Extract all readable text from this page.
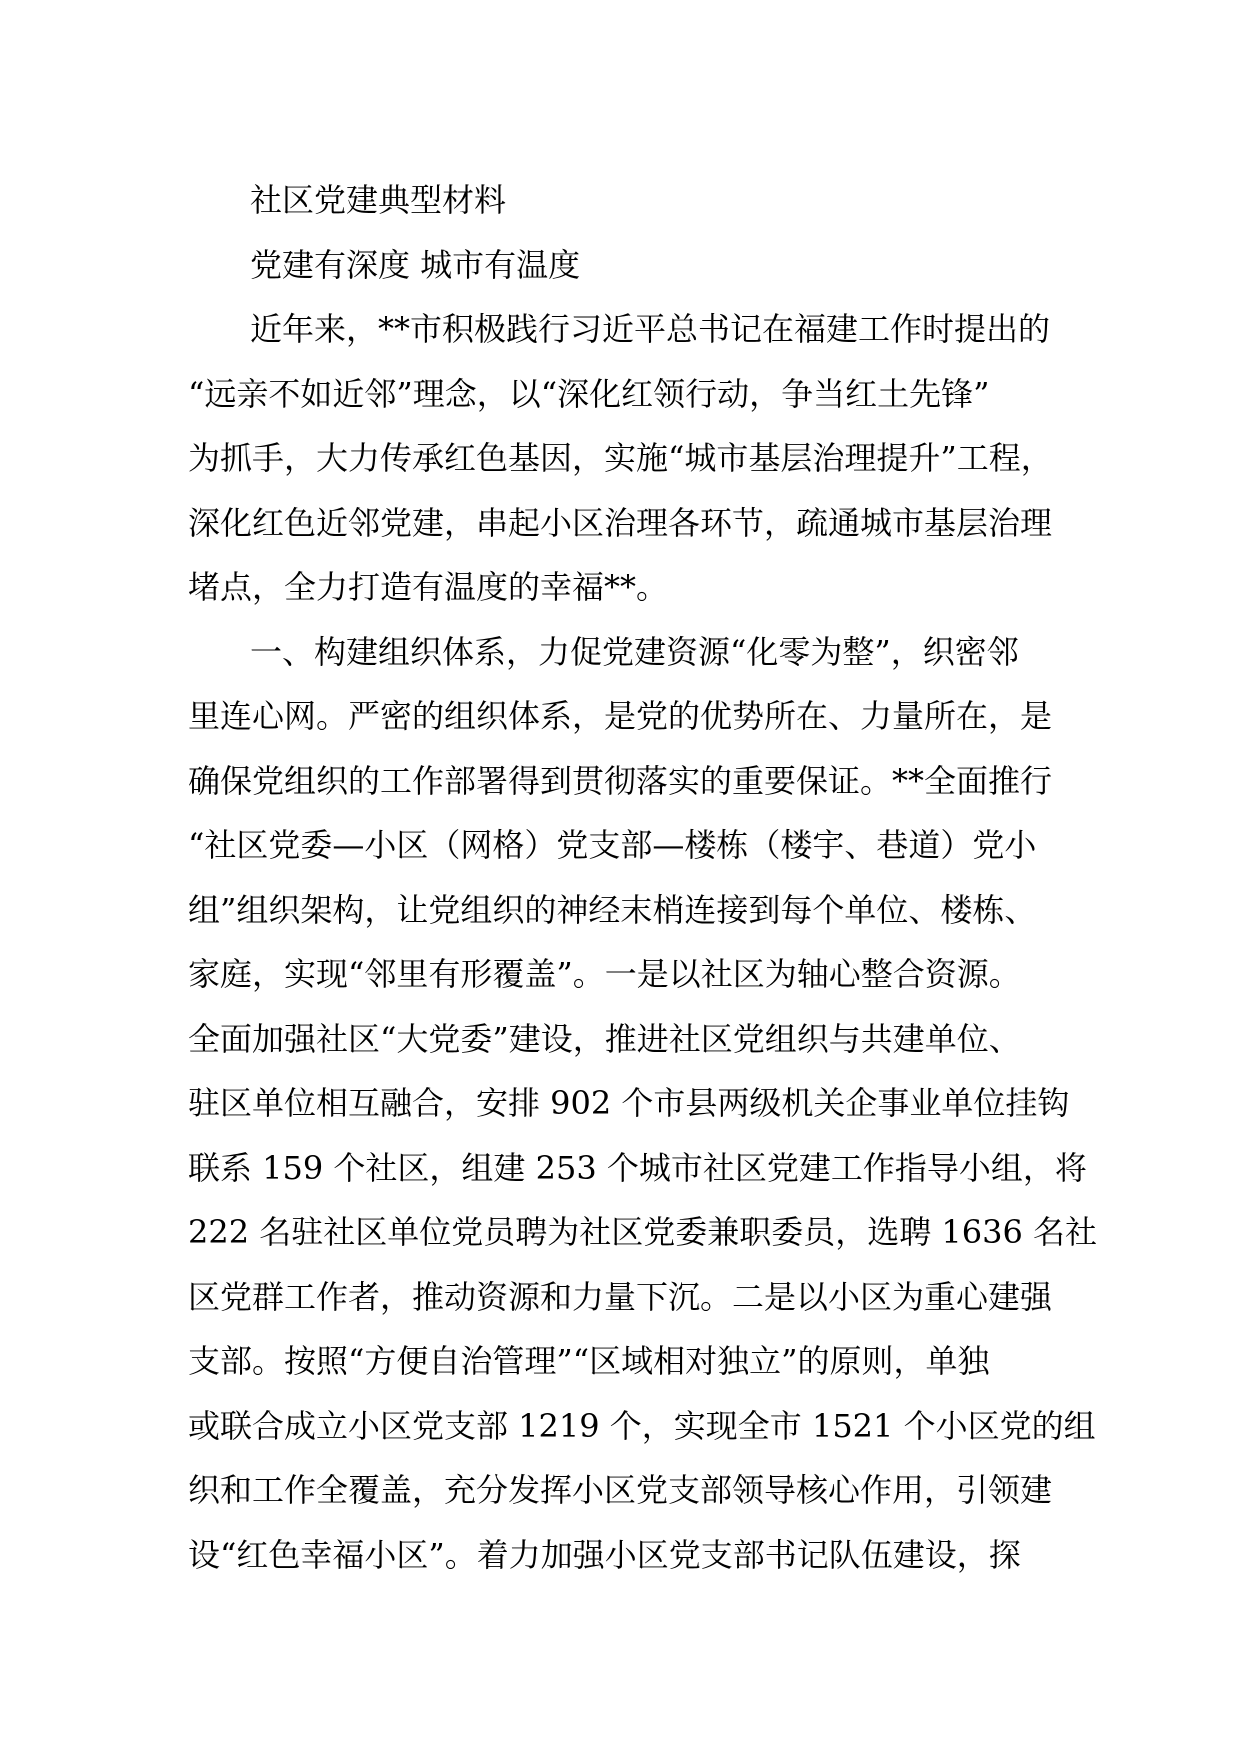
社区党建典型材料
党建有深度 城市有温度
近年来，**市积极践行习近平总书记在福建工作时提出的
“远亲不如近邻”理念，以“深化红领行动，争当红土先锋”
为抓手，大力传承红色基因，实施“城市基层治理提升”工程，
深化红色近邻党建，串起小区治理各环节，疏通城市基层治理
堵点，全力打造有温度的幸福**。
一、构建组织体系，力促党建资源“化零为整”，织密邻
里连心网。严密的组织体系，是党的优势所在、力量所在，是
确保党组织的工作部署得到贯彻落实的重要保证。**全面推行
“社区党委—小区（网格）党支部—楼栋（楼宇、巷道）党小
组”组织架构，让党组织的神经末梢连接到每个单位、楼栋、
家庭，实现“邻里有形覆盖”。一是以社区为轴心整合资源。
全面加强社区“大党委”建设，推进社区党组织与共建单位、
驻区单位相互融合，安排 902 个市县两级机关企事业单位挂钩
联系 159 个社区，组建 253 个城市社区党建工作指导小组，将
222 名驻社区单位党员聘为社区党委兼职委员，选聘 1636 名社
区党群工作者，推动资源和力量下沉。二是以小区为重心建强
支部。按照“方便自治管理”“区域相对独立”的原则，单独
或联合成立小区党支部 1219 个，实现全市 1521 个小区党的组
织和工作全覆盖，充分发挥小区党支部领导核心作用，引领建
设“红色幸福小区”。着力加强小区党支部书记队伍建设，探
